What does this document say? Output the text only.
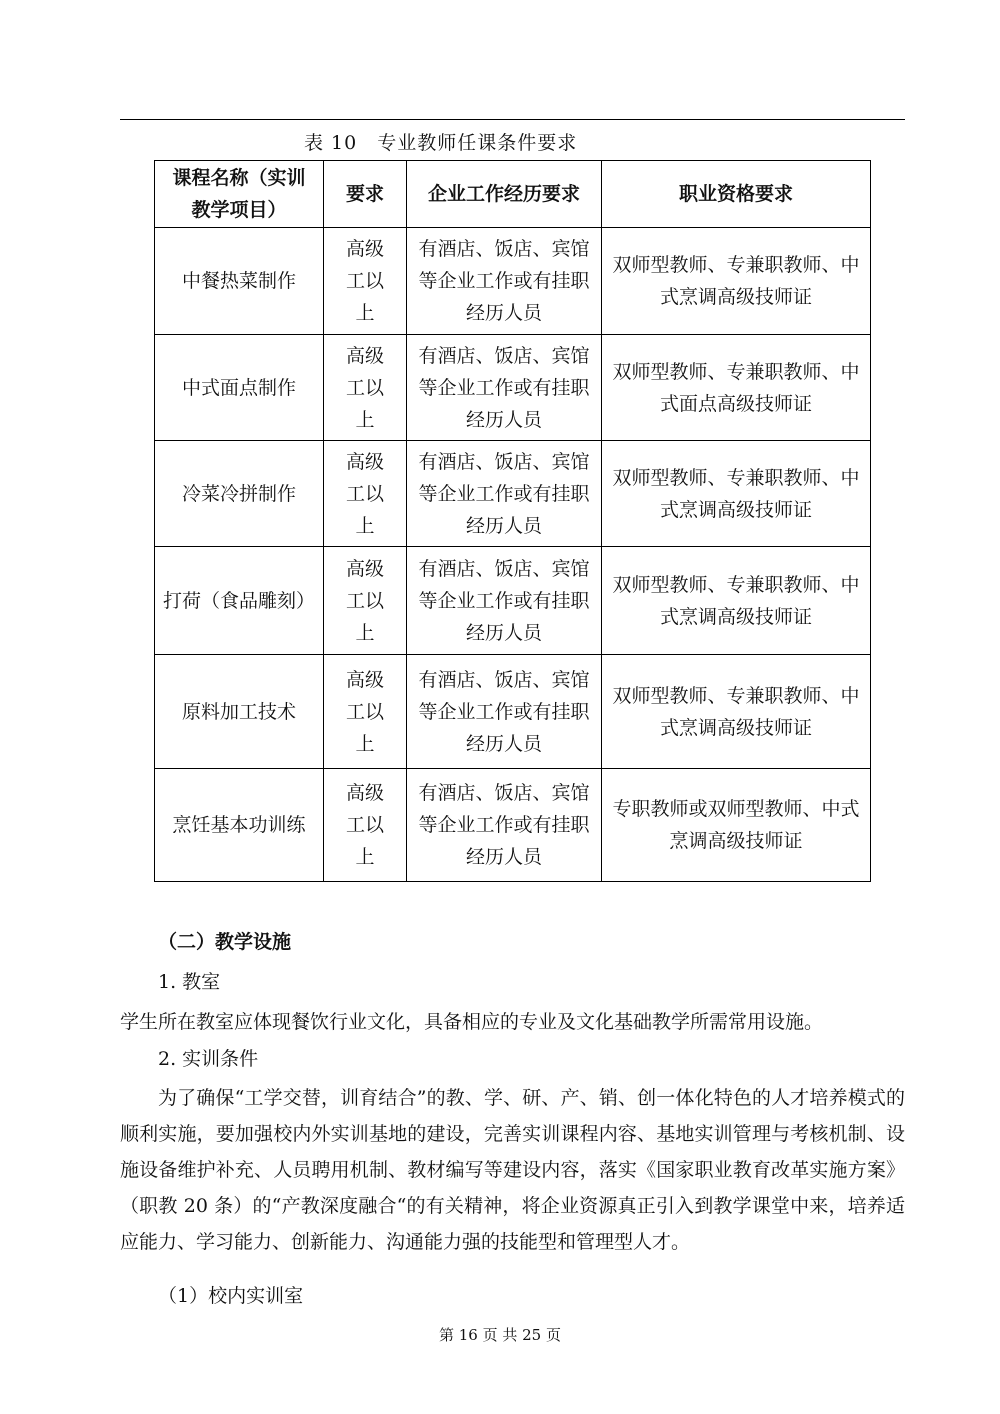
表 10　专业教师任课条件要求
课程名称（实训教学项目）	要求	企业工作经历要求	职业资格要求
中餐热菜制作	高级工以上	有酒店、饭店、宾馆等企业工作或有挂职经历人员	双师型教师、专兼职教师、中式烹调高级技师证
中式面点制作	高级工以上	有酒店、饭店、宾馆等企业工作或有挂职经历人员	双师型教师、专兼职教师、中式面点高级技师证
冷菜冷拼制作	高级工以上	有酒店、饭店、宾馆等企业工作或有挂职经历人员	双师型教师、专兼职教师、中式烹调高级技师证
打荷（食品雕刻）	高级工以上	有酒店、饭店、宾馆等企业工作或有挂职经历人员	双师型教师、专兼职教师、中式烹调高级技师证
原料加工技术	高级工以上	有酒店、饭店、宾馆等企业工作或有挂职经历人员	双师型教师、专兼职教师、中式烹调高级技师证
烹饪基本功训练	高级工以上	有酒店、饭店、宾馆等企业工作或有挂职经历人员	专职教师或双师型教师、中式烹调高级技师证
（二）教学设施
1. 教室
学生所在教室应体现餐饮行业文化，具备相应的专业及文化基础教学所需常用设施。
2. 实训条件
为了确保“工学交替，训育结合”的教、学、研、产、销、创一体化特色的人才培养模式的顺利实施，要加强校内外实训基地的建设，完善实训课程内容、基地实训管理与考核机制、设施设备维护补充、人员聘用机制、教材编写等建设内容，落实《国家职业教育改革实施方案》（职教 20 条）的“产教深度融合“的有关精神，将企业资源真正引入到教学课堂中来，培养适应能力、学习能力、创新能力、沟通能力强的技能型和管理型人才。
（1）校内实训室
第 16 页 共 25 页
